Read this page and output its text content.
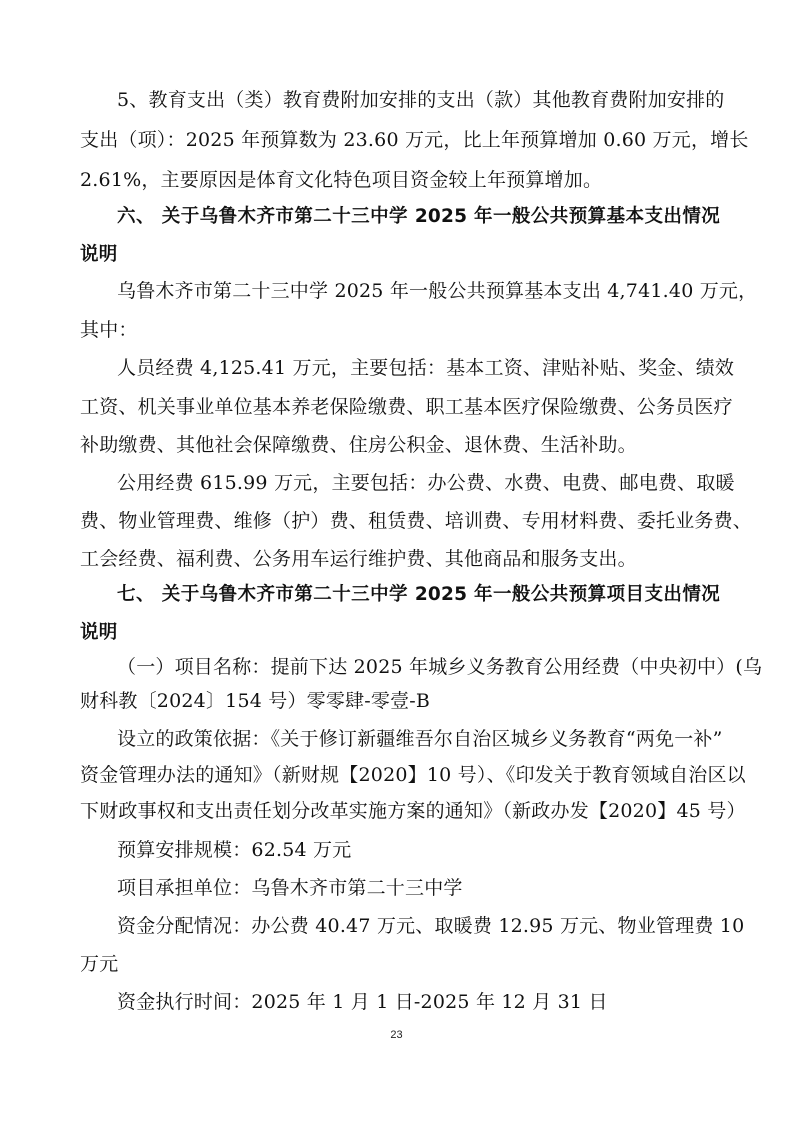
5、教育支出（类）教育费附加安排的支出（款）其他教育费附加安排的
支出（项）：2025 年预算数为 23.60 万元，比上年预算增加 0.60 万元，增长
2.61%，主要原因是体育文化特色项目资金较上年预算增加。
六、 关于乌鲁木齐市第二十三中学 2025 年一般公共预算基本支出情况
说明
乌鲁木齐市第二十三中学 2025 年一般公共预算基本支出 4,741.40 万元，
其中：
人员经费 4,125.41 万元，主要包括：基本工资、津贴补贴、奖金、绩效
工资、机关事业单位基本养老保险缴费、职工基本医疗保险缴费、公务员医疗
补助缴费、其他社会保障缴费、住房公积金、退休费、生活补助。
公用经费 615.99 万元，主要包括：办公费、水费、电费、邮电费、取暖
费、物业管理费、维修（护）费、租赁费、培训费、专用材料费、委托业务费、
工会经费、福利费、公务用车运行维护费、其他商品和服务支出。
七、 关于乌鲁木齐市第二十三中学 2025 年一般公共预算项目支出情况
说明
（一）项目名称：提前下达 2025 年城乡义务教育公用经费（中央初中）(乌
财科教〔2024〕154 号）零零肆-零壹-B
设立的政策依据：《关于修订新疆维吾尔自治区城乡义务教育“两免一补”
资金管理办法的通知》（新财规【2020】10 号）、《印发关于教育领域自治区以
下财政事权和支出责任划分改革实施方案的通知》（新政办发【2020】45 号）
预算安排规模：62.54 万元
项目承担单位：乌鲁木齐市第二十三中学
资金分配情况：办公费 40.47 万元、取暖费 12.95 万元、物业管理费 10
万元
资金执行时间：2025 年 1 月 1 日-2025 年 12 月 31 日
23
